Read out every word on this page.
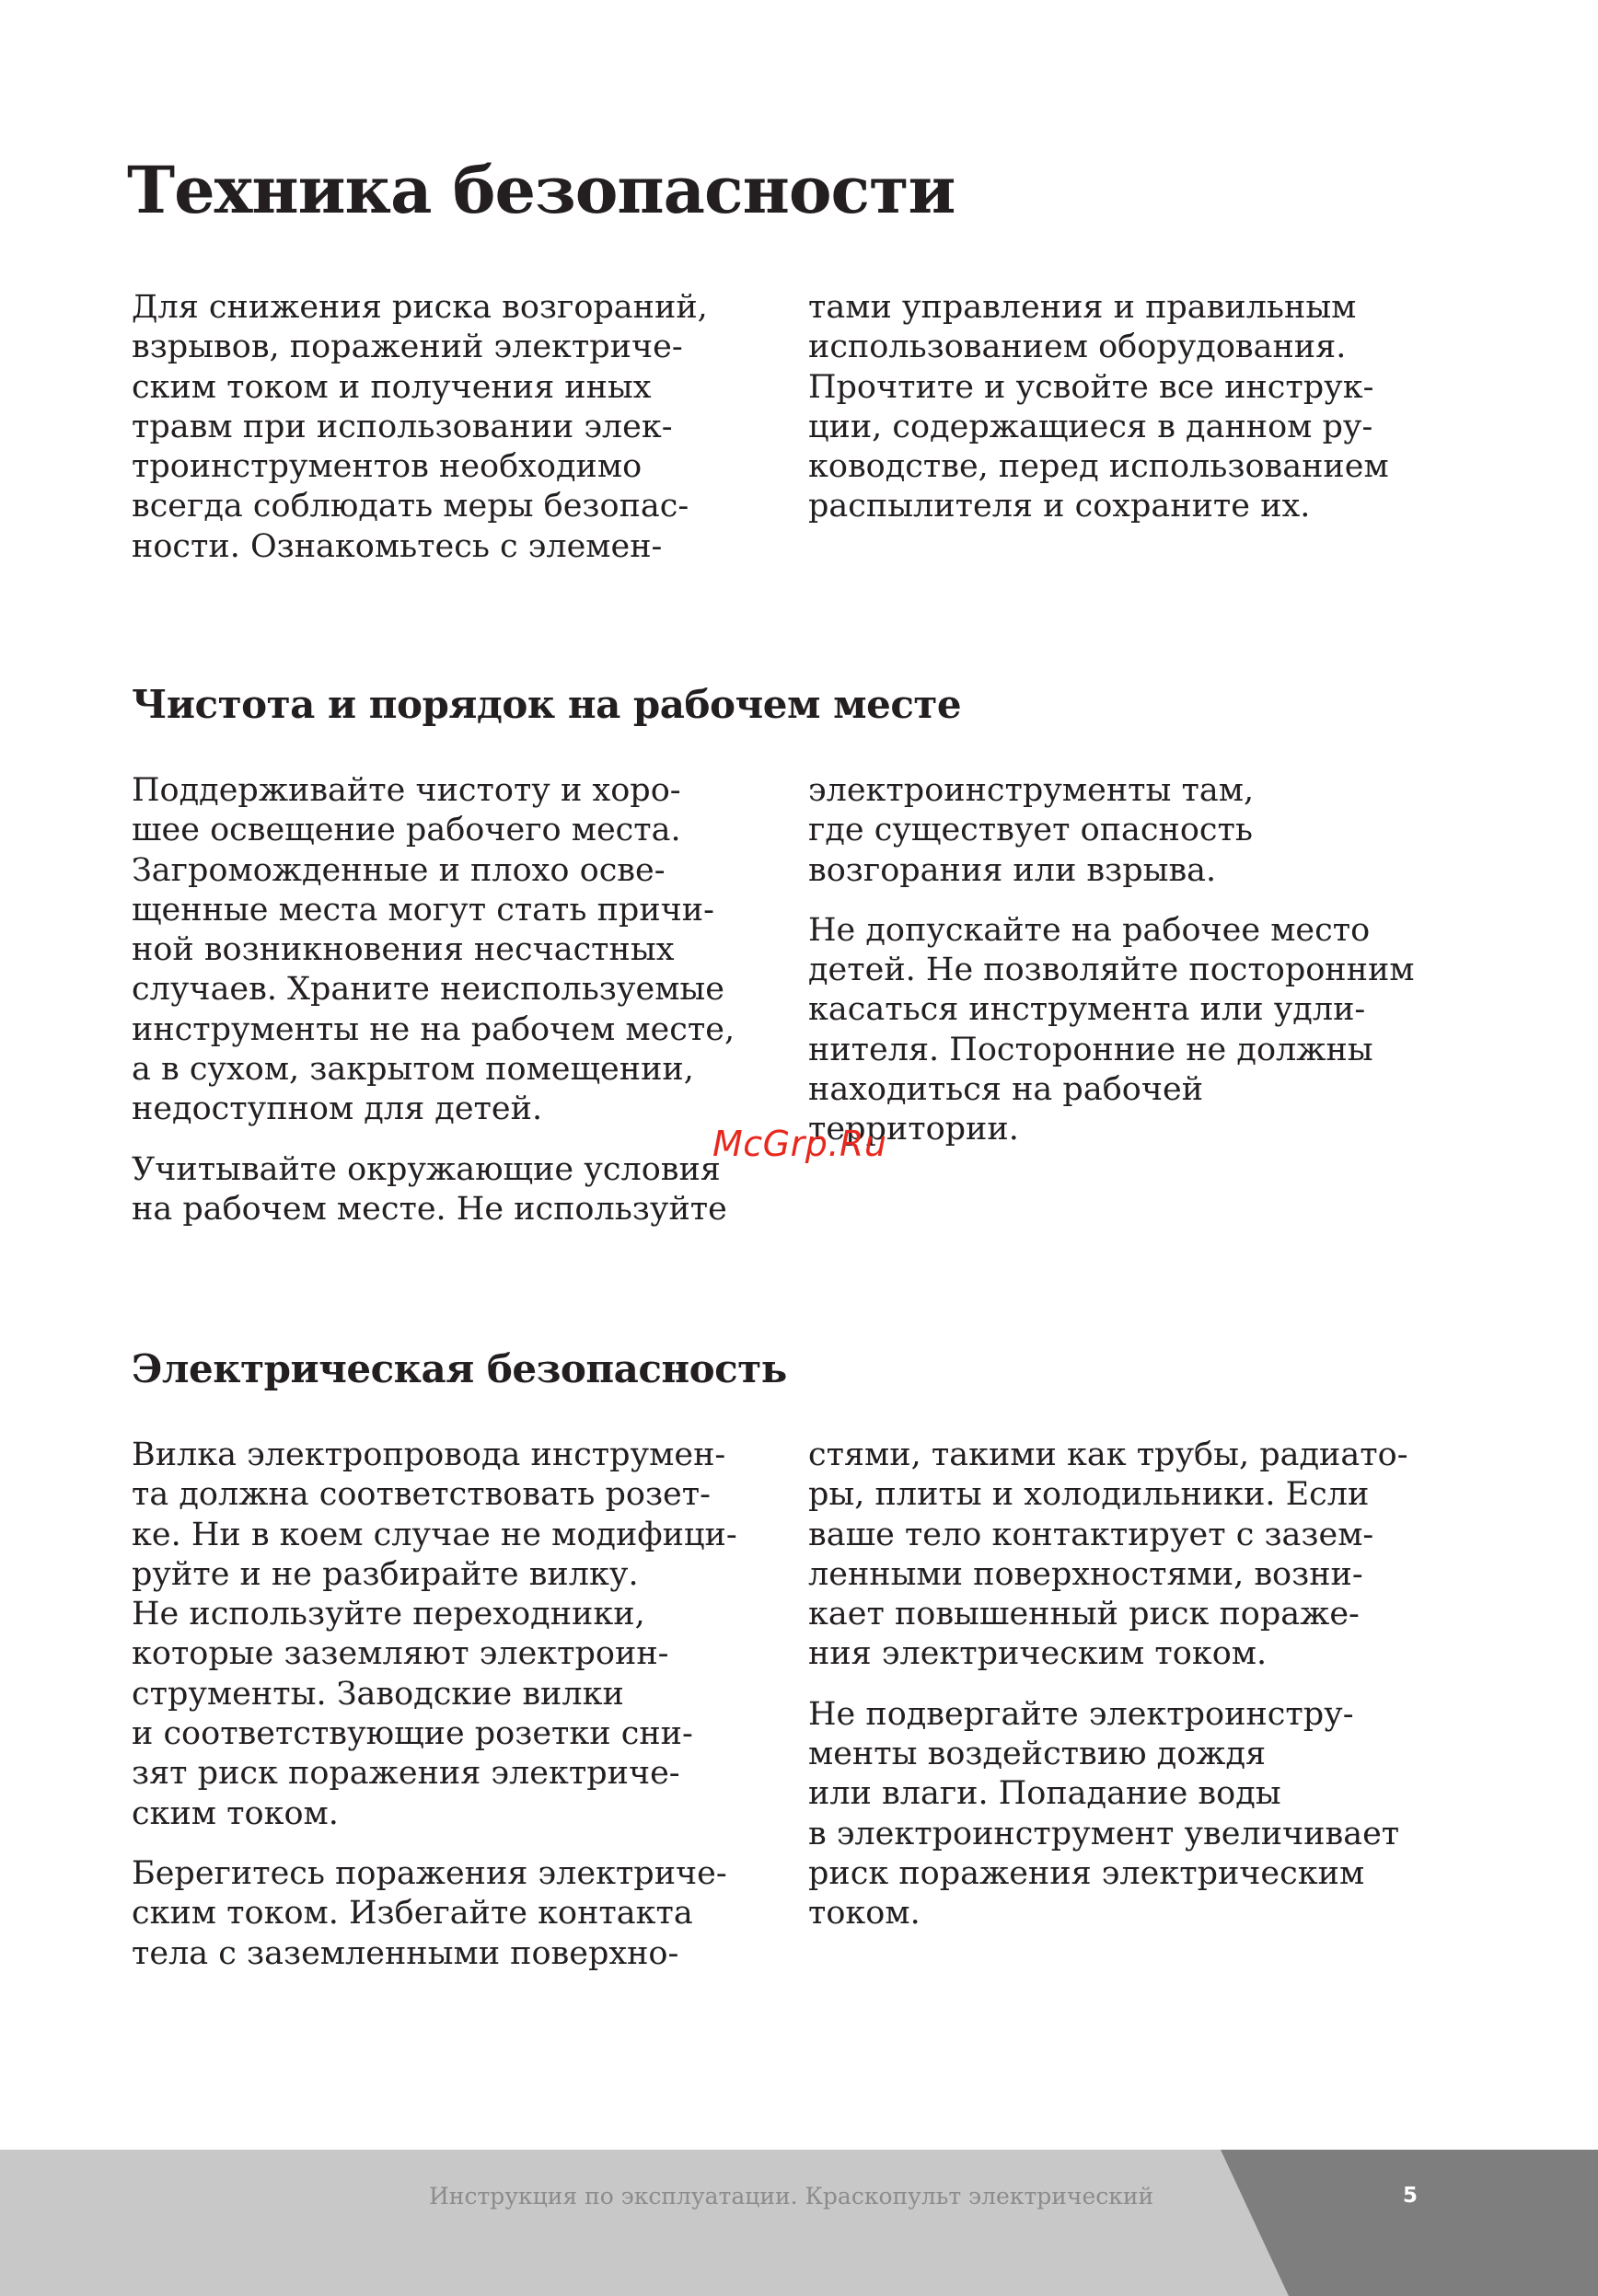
Техника безопасности

Для снижения риска возгораний,
взрывов, поражений электриче-
ским током и получения иных
травм при использовании элек-
троинструментов необходимо
всегда соблюдать меры безопас-
ности. Ознакомьтесь с элемен-

тами управления и правильным
использованием оборудования.
Прочтите и усвойте все инструк-
ции, содержащиеся в данном ру-
ководстве, перед использованием
распылителя и сохраните их.

Чистота и порядок на рабочем месте

Поддерживайте чистоту и хоро-
шее освещение рабочего места.
Загроможденные и плохо осве-
щенные места могут стать причи-
ной возникновения несчастных
случаев. Храните неиспользуемые
инструменты не на рабочем месте,
а в сухом, закрытом помещении,
недоступном для детей.

Учитывайте окружающие условия
на рабочем месте. Не используйте

электроинструменты там,
где существует опасность
возгорания или взрыва.

Не допускайте на рабочее место
детей. Не позволяйте посторонним
касаться инструмента или удли-
нителя. Посторонние не должны
находиться на рабочей
территории.

McGrp.Ru
Электрическая безопасность

Вилка электропровода инструмен-
та должна соответствовать розет-
ке. Ни в коем случае не модифици-
руйте и не разбирайте вилку.
Не используйте переходники,
которые заземляют электроин-
струменты. Заводские вилки
и соответствующие розетки сни-
зят риск поражения электриче-
ским током.

Берегитесь поражения электриче-
ским током. Избегайте контакта
тела с заземленными поверхно-

стями, такими как трубы, радиато-
ры, плиты и холодильники. Если
ваше тело контактирует с зазем-
ленными поверхностями, возни-
кает повышенный риск пораже-
ния электрическим током.

Не подвергайте электроинстру-
менты воздействию дождя
или влаги. Попадание воды
в электроинструмент увеличивает
риск поражения электрическим
током.

Инструкция по эксплуатации. Краскопульт электрический	5
